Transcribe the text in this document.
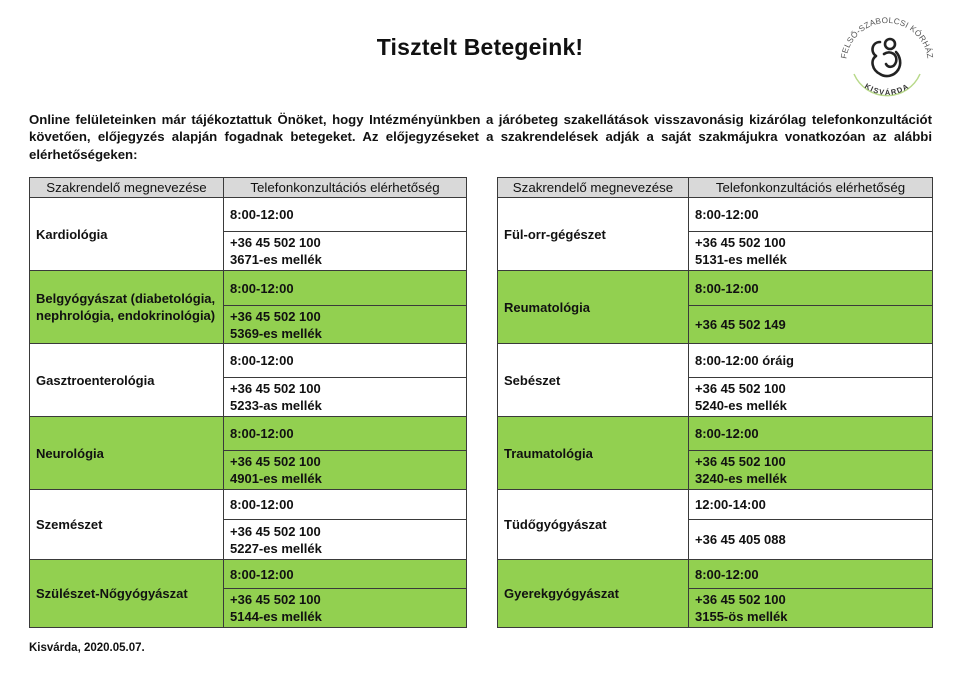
Tisztelt Betegeink!	FELSŐ-SZABOLCSI KÓRHÁZ
KISVÁRDA
Online felületeinken már tájékoztattuk Önöket, hogy Intézményünkben a járóbeteg szakellátások visszavonásig kizárólag telefonkonzultációt követően, előjegyzés alapján fogadnak betegeket. Az előjegyzéseket a szakrendelések adják a saját szakmájukra vonatkozóan az alábbi elérhetőségeken:
Szakrendelő megnevezése	Telefonkonzultációs elérhetőség
Kardiológia	8:00-12:00

	+36 45 502 100
3671-es mellék

Belgyógyászat (diabetológia, nephrológia, endokrinológia)	8:00-12:00

	+36 45 502 100
5369-es mellék

Gasztroenterológia	8:00-12:00

	+36 45 502 100
5233-as mellék

Neurológia	8:00-12:00

	+36 45 502 100
4901-es mellék

Szemészet	8:00-12:00

	+36 45 502 100
5227-es mellék

Szülészet-Nőgyógyászat	8:00-12:00

	+36 45 502 100
5144-es mellék
Szakrendelő megnevezése	Telefonkonzultációs elérhetőség
Fül-orr-gégészet	8:00-12:00

	+36 45 502 100
5131-es mellék

Reumatológia	8:00-12:00

	+36 45 502 149

Sebészet	8:00-12:00 óráig

	+36 45 502 100
5240-es mellék

Traumatológia	8:00-12:00

	+36 45 502 100
3240-es mellék

Tüdőgyógyászat	12:00-14:00

	+36 45 405 088

Gyerekgyógyászat	8:00-12:00

	+36 45 502 100
3155-ös mellék
Kisvárda, 2020.05.07.
